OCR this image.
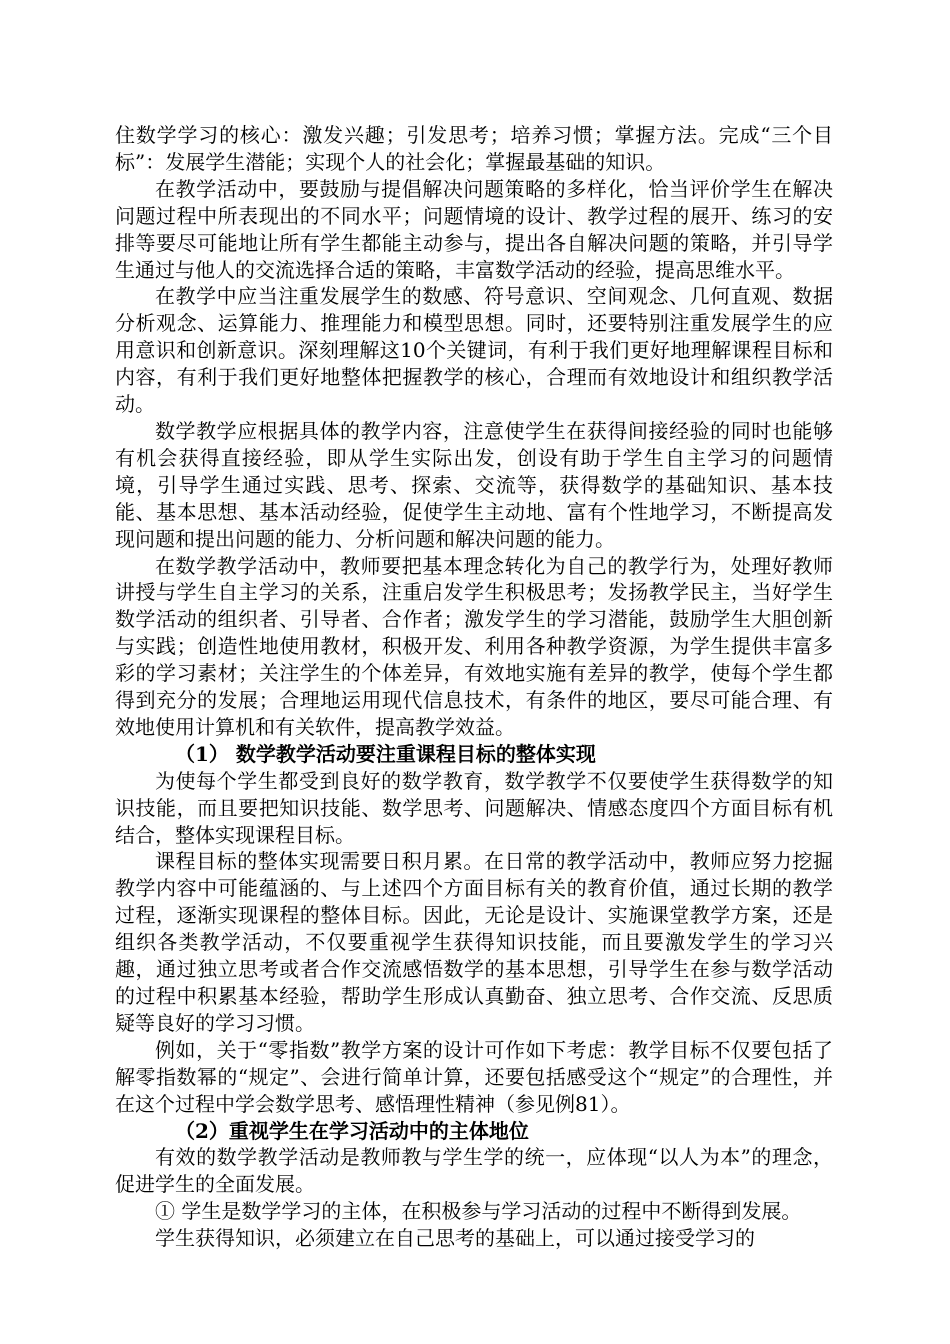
住数学学习的核心：激发兴趣；引发思考；培养习惯；掌握方法。完成“三个目标”：发展学生潜能；实现个人的社会化；掌握最基础的知识。

在教学活动中，要鼓励与提倡解决问题策略的多样化，恰当评价学生在解决问题过程中所表现出的不同水平；问题情境的设计、教学过程的展开、练习的安排等要尽可能地让所有学生都能主动参与，提出各自解决问题的策略，并引导学生通过与他人的交流选择合适的策略，丰富数学活动的经验，提高思维水平。

在教学中应当注重发展学生的数感、符号意识、空间观念、几何直观、数据分析观念、运算能力、推理能力和模型思想。同时，还要特别注重发展学生的应用意识和创新意识。深刻理解这10个关键词，有利于我们更好地理解课程目标和内容，有利于我们更好地整体把握教学的核心，合理而有效地设计和组织教学活动。

数学教学应根据具体的教学内容，注意使学生在获得间接经验的同时也能够有机会获得直接经验，即从学生实际出发，创设有助于学生自主学习的问题情境，引导学生通过实践、思考、探索、交流等，获得数学的基础知识、基本技能、基本思想、基本活动经验，促使学生主动地、富有个性地学习，不断提高发现问题和提出问题的能力、分析问题和解决问题的能力。

在数学教学活动中，教师要把基本理念转化为自己的教学行为，处理好教师讲授与学生自主学习的关系，注重启发学生积极思考；发扬教学民主，当好学生数学活动的组织者、引导者、合作者；激发学生的学习潜能，鼓励学生大胆创新与实践；创造性地使用教材，积极开发、利用各种教学资源，为学生提供丰富多彩的学习素材；关注学生的个体差异，有效地实施有差异的教学，使每个学生都得到充分的发展；合理地运用现代信息技术，有条件的地区，要尽可能合理、有效地使用计算机和有关软件，提高教学效益。

（1） 数学教学活动要注重课程目标的整体实现

为使每个学生都受到良好的数学教育，数学教学不仅要使学生获得数学的知识技能，而且要把知识技能、数学思考、问题解决、情感态度四个方面目标有机结合，整体实现课程目标。

课程目标的整体实现需要日积月累。在日常的教学活动中，教师应努力挖掘教学内容中可能蕴涵的、与上述四个方面目标有关的教育价值，通过长期的教学过程，逐渐实现课程的整体目标。因此，无论是设计、实施课堂教学方案，还是组织各类教学活动，不仅要重视学生获得知识技能，而且要激发学生的学习兴趣，通过独立思考或者合作交流感悟数学的基本思想，引导学生在参与数学活动的过程中积累基本经验，帮助学生形成认真勤奋、独立思考、合作交流、反思质疑等良好的学习习惯。

例如，关于“零指数”教学方案的设计可作如下考虑：教学目标不仅要包括了解零指数幂的“规定”、会进行简单计算，还要包括感受这个“规定”的合理性，并在这个过程中学会数学思考、感悟理性精神（参见例81）。

（2）重视学生在学习活动中的主体地位

有效的数学教学活动是教师教与学生学的统一，应体现“以人为本”的理念，促进学生的全面发展。

① 学生是数学学习的主体，在积极参与学习活动的过程中不断得到发展。

学生获得知识，必须建立在自己思考的基础上，可以通过接受学习的
